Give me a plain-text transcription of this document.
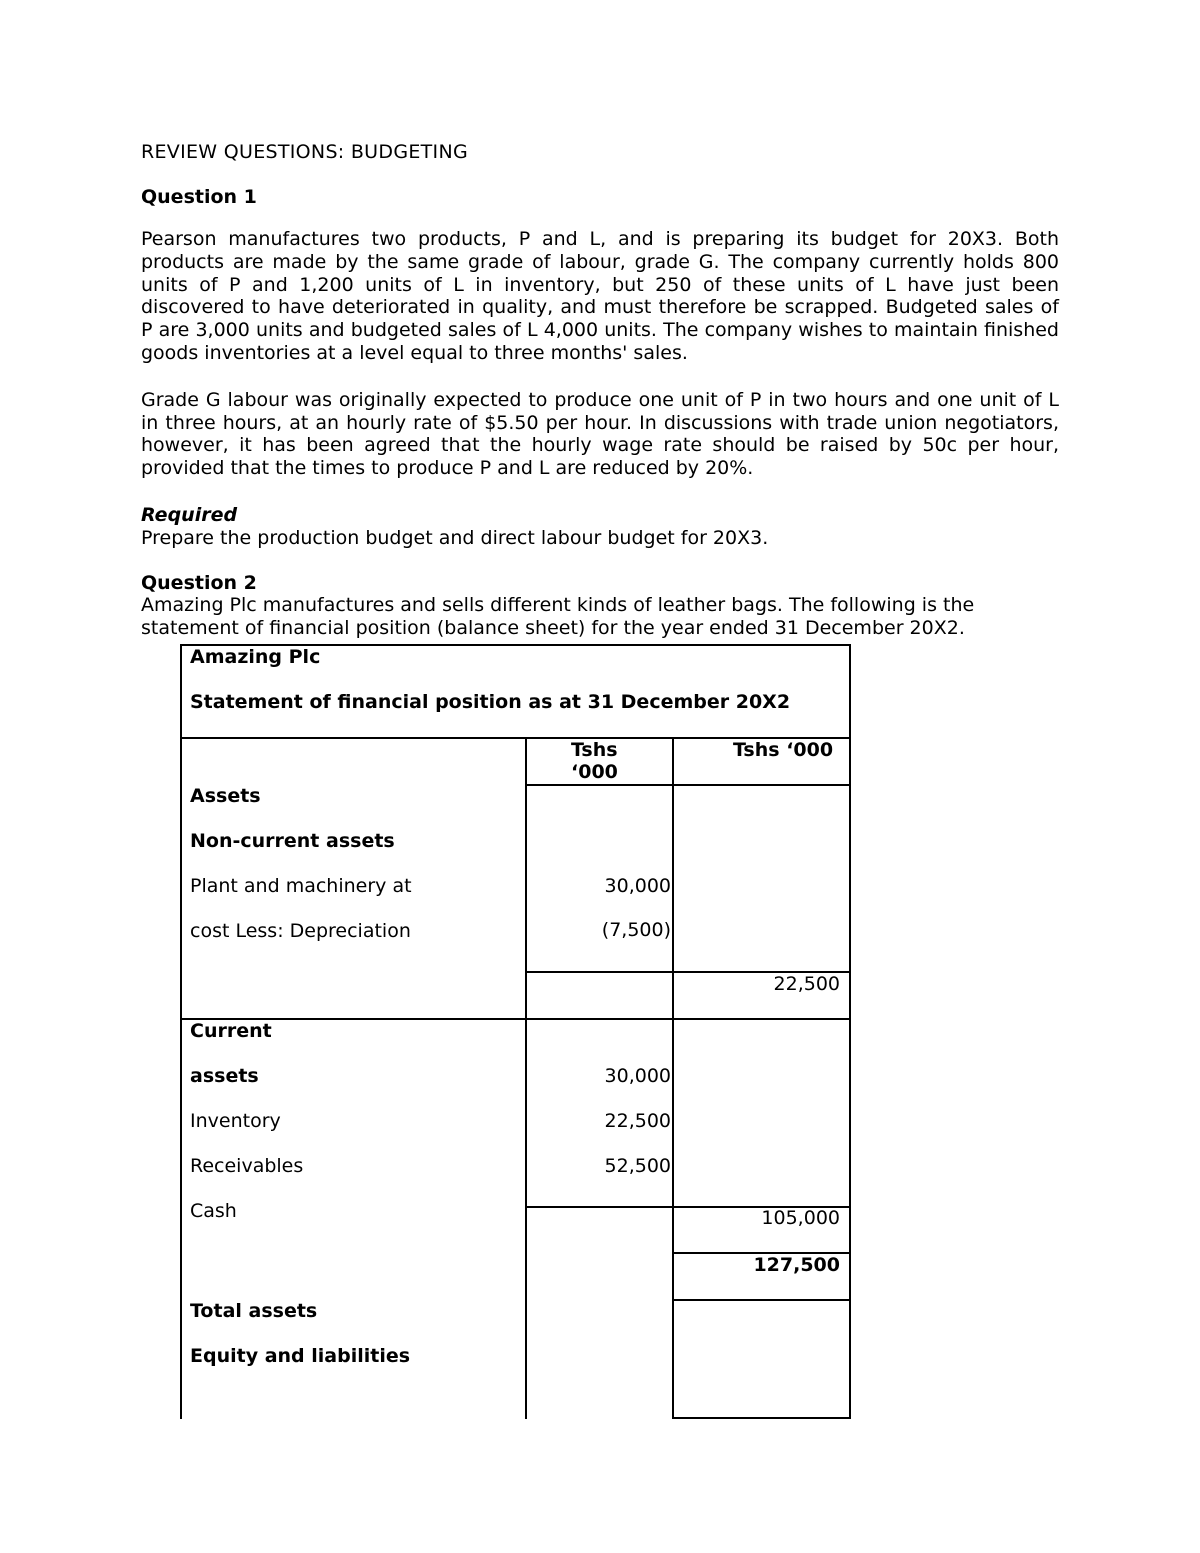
REVIEW QUESTIONS: BUDGETING
Question 1
Pearson manufactures two products, P and L, and is preparing its budget for 20X3. Both products are made by the same grade of labour, grade G. The company currently holds 800 units of P and 1,200 units of L in inventory, but 250 of these units of L have just been discovered to have deteriorated in quality, and must therefore be scrapped. Budgeted sales of P are 3,000 units and budgeted sales of L 4,000 units. The company wishes to maintain finished goods inventories at a level equal to three months' sales.
Grade G labour was originally expected to produce one unit of P in two hours and one unit of L in three hours, at an hourly rate of $5.50 per hour. In discussions with trade union negotiators, however, it has been agreed that the hourly wage rate should be raised by 50c per hour, provided that the times to produce P and L are reduced by 20%.
Required
Prepare the production budget and direct labour budget for 20X3.
Question 2
Amazing Plc manufactures and sells different kinds of leather bags. The following is the
statement of financial position (balance sheet) for the year ended 31 December 20X2.
Amazing Plc
Statement of financial position as at 31 December 20X2
Tshs
‘000
Tshs ‘000
Assets
Non-current assets
Plant and machinery at
cost Less: Depreciation
30,000
(7,500)
22,500
Current
assets
Inventory
Receivables
Cash
30,000
22,500
52,500
105,000
127,500
Total assets
Equity and liabilities
